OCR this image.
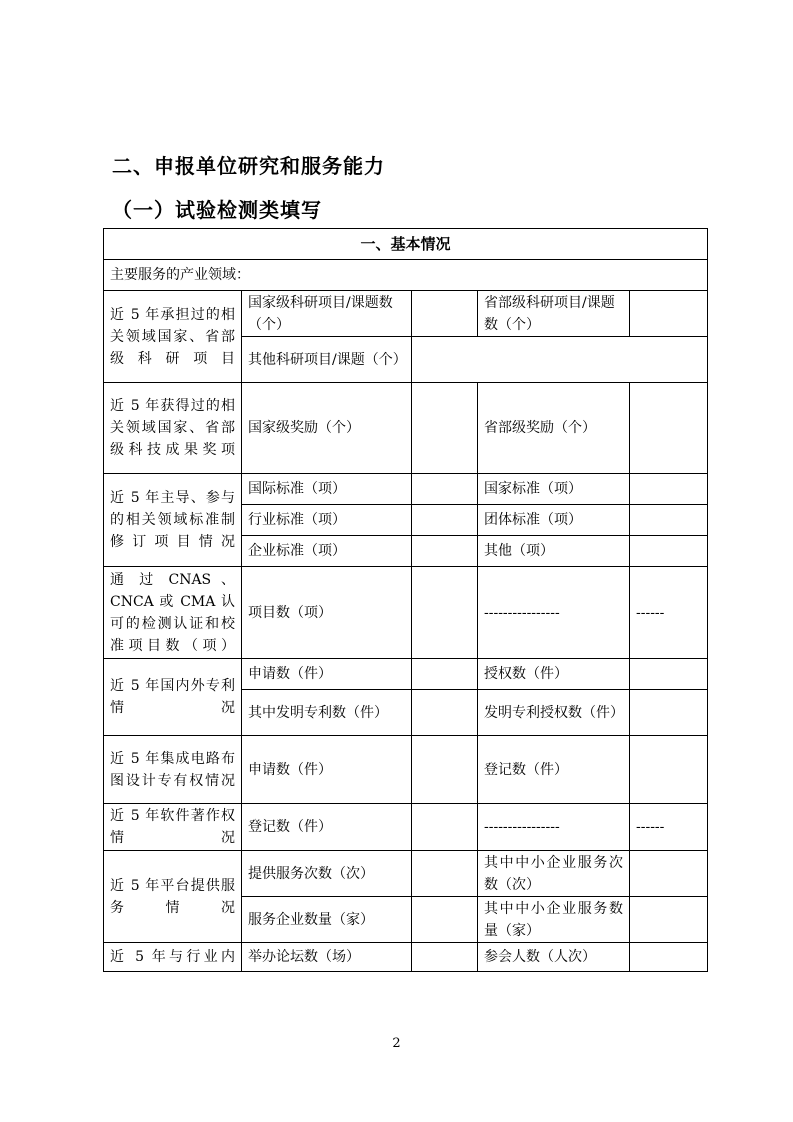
二、申报单位研究和服务能力
（一）试验检测类填写
一、基本情况				
主要服务的产业领域：				
近 5 年承担过的相关领域国家、省部级科研项目	国家级科研项目/课题数（个）		省部级科研项目/课题数（个）	
	其他科研项目/课题（个）			
近 5 年获得过的相关领域国家、省部级科技成果奖项	国家级奖励（个）		省部级奖励（个）	
近 5 年主导、参与的相关领域标准制修订项目情况	国际标准（项）		国家标准（项）	
	行业标准（项）		团体标准（项）	
	企业标准（项）		其他（项）	
通 过 CNAS 、CNCA 或 CMA 认可的检测认证和校准项目数（项）	项目数（项）		----------------	------
近 5 年国内外专利情况	申请数（件）		授权数（件）	
	其中发明专利数（件）		发明专利授权数（件）	
近 5 年集成电路布图设计专有权情况	申请数（件）		登记数（件）	
近 5 年软件著作权情况	登记数（件）		----------------	------
近 5 年平台提供服务情况	提供服务次数（次）		其中中小企业服务次数（次）	
	服务企业数量（家）		其中中小企业服务数量（家）	
近 5 年与行业内	举办论坛数（场）		参会人数（人次）	
2
